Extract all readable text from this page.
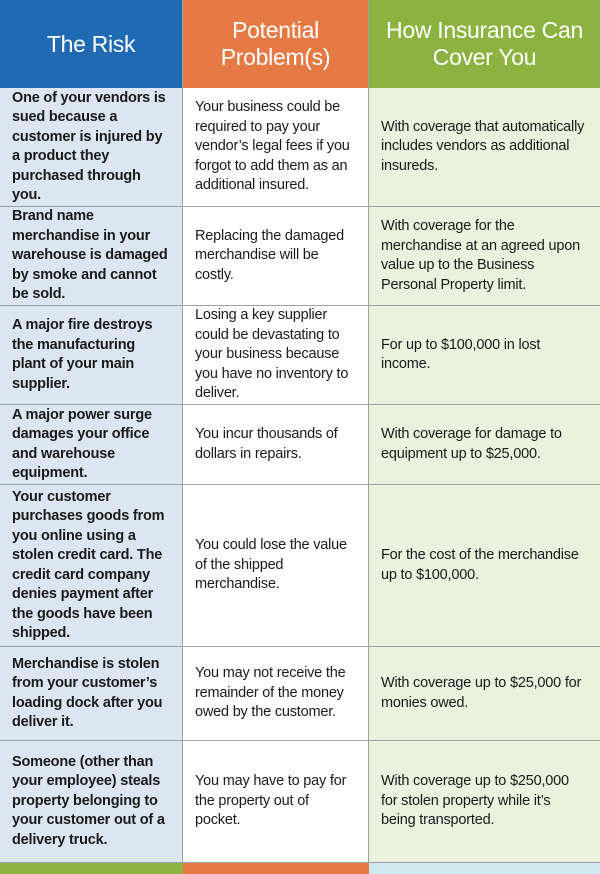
The Risk
Potential Problem(s)
How Insurance Can Cover You
One of your vendors is sued because a customer is injured by a product they purchased through you.
Your business could be required to pay your vendor’s legal fees if you forgot to add them as an additional insured.
With coverage that automatically includes vendors as additional insureds.
Brand name merchandise in your warehouse is damaged by smoke and cannot be sold.
Replacing the damaged merchandise will be costly.
With coverage for the merchandise at an agreed upon value up to the Business Personal Property limit.
A major fire destroys the manufacturing plant of your main supplier.
Losing a key supplier could be devastating to your business because you have no inventory to deliver.
For up to $100,000 in lost income.
A major power surge damages your office and warehouse equipment.
You incur thousands of dollars in repairs.
With coverage for damage to equipment up to $25,000.
Your customer purchases goods from you online using a stolen credit card. The credit card company denies payment after the goods have been shipped.
You could lose the value of the shipped merchandise.
For the cost of the merchandise up to $100,000.
Merchandise is stolen from your customer’s loading dock after you deliver it.
You may not receive the remainder of the money owed by the customer.
With coverage up to $25,000 for monies owed.
Someone (other than your employee) steals property belonging to your customer out of a delivery truck.
You may have to pay for the property out of pocket.
With coverage up to $250,000 for stolen property while it’s being transported.
